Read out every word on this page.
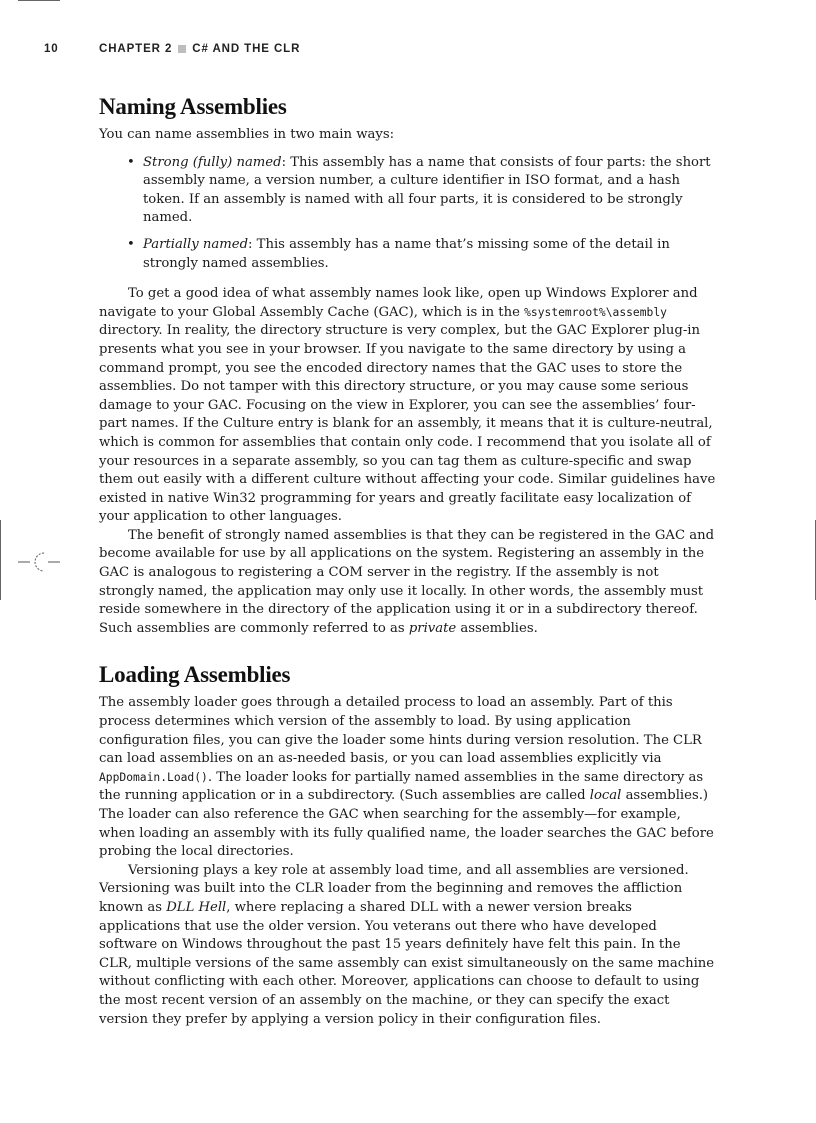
10	CHAPTER 2 C# AND THE CLR
Naming Assemblies

You can name assemblies in two main ways:

• Strong (fully) named: This assembly has a name that consists of four parts: the short assembly name, a version number, a culture identifier in ISO format, and a hash token. If an assembly is named with all four parts, it is considered to be strongly named.
• Partially named: This assembly has a name that’s missing some of the detail in strongly named assemblies.

To get a good idea of what assembly names look like, open up Windows Explorer and navigate to your Global Assembly Cache (GAC), which is in the %systemroot%\assembly directory. In reality, the directory structure is very complex, but the GAC Explorer plug-in presents what you see in your browser. If you navigate to the same directory by using a command prompt, you see the encoded directory names that the GAC uses to store the assemblies. Do not tamper with this directory structure, or you may cause some serious damage to your GAC. Focusing on the view in Explorer, you can see the assemblies’ four-part names. If the Culture entry is blank for an assembly, it means that it is culture-neutral, which is common for assemblies that contain only code. I recommend that you isolate all of your resources in a separate assembly, so you can tag them as culture-specific and swap them out easily with a different culture without affecting your code. Similar guidelines have existed in native Win32 programming for years and greatly facilitate easy localization of your application to other languages.

The benefit of strongly named assemblies is that they can be registered in the GAC and become available for use by all applications on the system. Registering an assembly in the GAC is analogous to registering a COM server in the registry. If the assembly is not strongly named, the application may only use it locally. In other words, the assembly must reside somewhere in the directory of the application using it or in a subdirectory thereof. Such assemblies are commonly referred to as private assemblies.

Loading Assemblies

The assembly loader goes through a detailed process to load an assembly. Part of this process determines which version of the assembly to load. By using application configuration files, you can give the loader some hints during version resolution. The CLR can load assemblies on an as-needed basis, or you can load assemblies explicitly via AppDomain.Load(). The loader looks for partially named assemblies in the same directory as the running application or in a subdirectory. (Such assemblies are called local assemblies.) The loader can also reference the GAC when searching for the assembly—for example, when loading an assembly with its fully qualified name, the loader searches the GAC before probing the local directories.

Versioning plays a key role at assembly load time, and all assemblies are versioned. Versioning was built into the CLR loader from the beginning and removes the affliction known as DLL Hell, where replacing a shared DLL with a newer version breaks applications that use the older version. You veterans out there who have developed software on Windows throughout the past 15 years definitely have felt this pain. In the CLR, multiple versions of the same assembly can exist simultaneously on the same machine without conflicting with each other. Moreover, applications can choose to default to using the most recent version of an assembly on the machine, or they can specify the exact version they prefer by applying a version policy in their configuration files.
